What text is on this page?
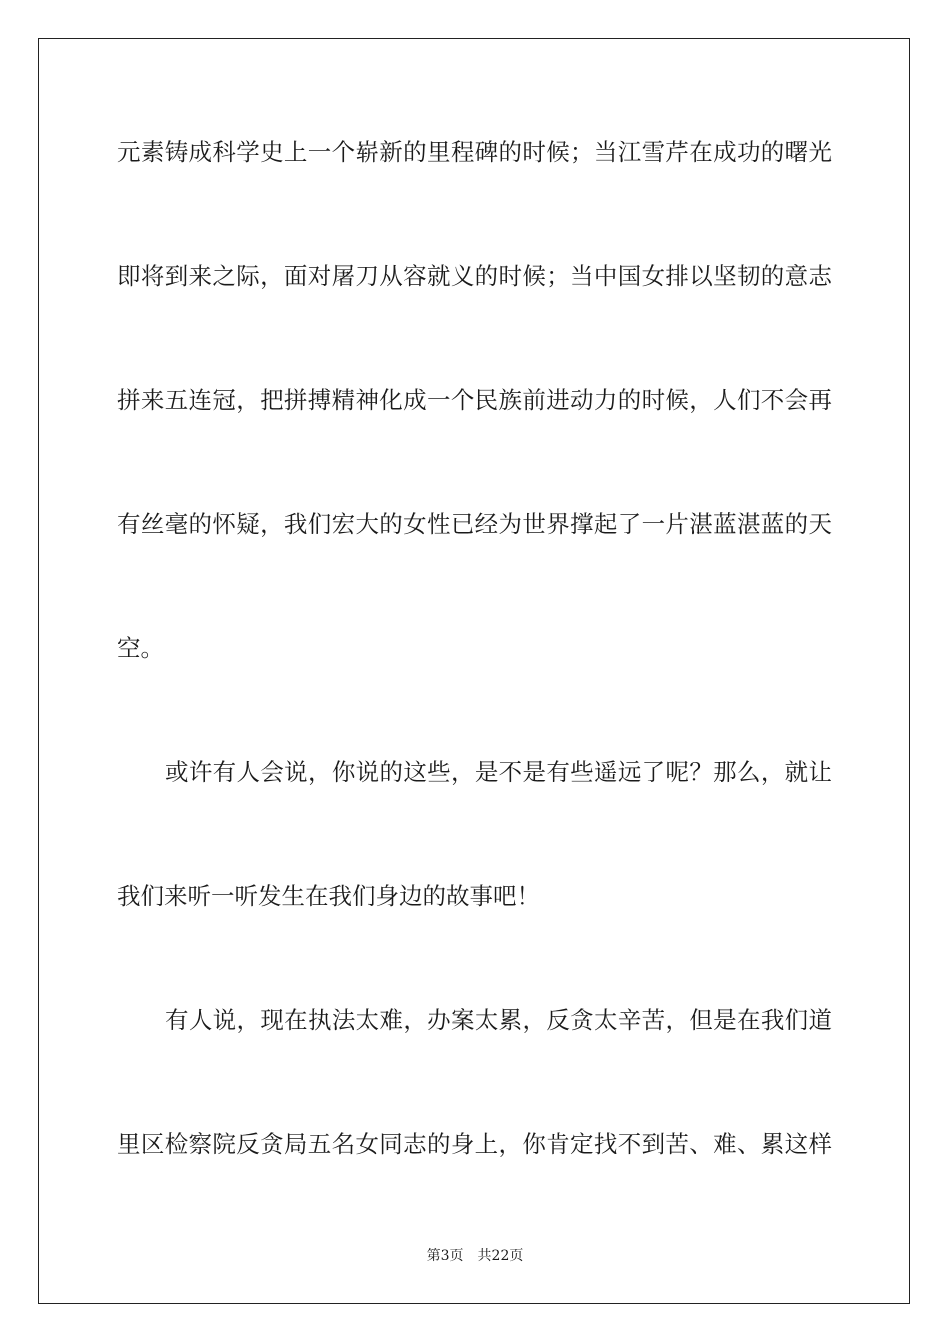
元素铸成科学史上一个崭新的里程碑的时候；当江雪芹在成功的曙光
即将到来之际，面对屠刀从容就义的时候；当中国女排以坚韧的意志
拼来五连冠，把拼搏精神化成一个民族前进动力的时候，人们不会再
有丝毫的怀疑，我们宏大的女性已经为世界撑起了一片湛蓝湛蓝的天
空。
或许有人会说，你说的这些，是不是有些遥远了呢？那么，就让
我们来听一听发生在我们身边的故事吧！
有人说，现在执法太难，办案太累，反贪太辛苦，但是在我们道
里区检察院反贪局五名女同志的身上，你肯定找不到苦、难、累这样
第3页 共22页
